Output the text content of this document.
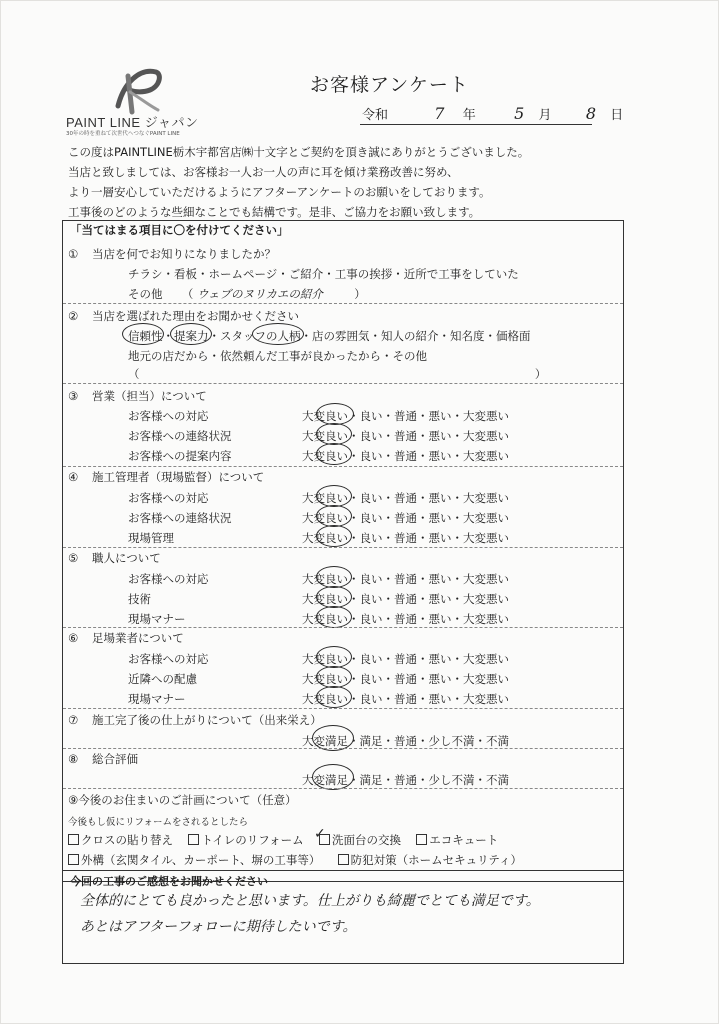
PAINT LINE ジャパン
30年の時を重ねて次世代へつなぐPAINT LINE
お客様アンケート
令和	7 年 5 月 8 日
この度はPAINTLINE栃木宇都宮店㈱十文字とご契約を頂き誠にありがとうございました。
当店と致しましては、お客様お一人お一人の声に耳を傾け業務改善に努め、
より一層安心していただけるようにアフターアンケートのお願いをしております。
工事後のどのような些細なことでも結構です。是非、ご協力をお願い致します。
「当てはまる項目に〇を付けてください」
① 当店を何でお知りになりましたか？
チラシ・看板・ホームページ・ご紹介・工事の挨拶・近所で工事をしていた
その他 （ ウェブのヌリカエの紹介	）
② 当店を選ばれた理由をお聞かせください
信頼性・提案力・スタッフの人柄・店の雰囲気・知人の紹介・知名度・価格面
地元の店だから・依然頼んだ工事が良かったから・その他
（	）
③ 営業（担当）について
お客様への対応	大変良い・良い・普通・悪い・大変悪い
お客様への連絡状況	大変良い・良い・普通・悪い・大変悪い
お客様への提案内容	大変良い・良い・普通・悪い・大変悪い
④ 施工管理者（現場監督）について
お客様への対応	大変良い・良い・普通・悪い・大変悪い
お客様への連絡状況	大変良い・良い・普通・悪い・大変悪い
現場管理	大変良い・良い・普通・悪い・大変悪い
⑤ 職人について
お客様への対応	大変良い・良い・普通・悪い・大変悪い
技術	大変良い・良い・普通・悪い・大変悪い
現場マナー	大変良い・良い・普通・悪い・大変悪い
⑥ 足場業者について
お客様への対応	大変良い・良い・普通・悪い・大変悪い
近隣への配慮	大変良い・良い・普通・悪い・大変悪い
現場マナー	大変良い・良い・普通・悪い・大変悪い
⑦ 施工完了後の仕上がりについて（出来栄え）
大変満足・満足・普通・少し不満・不満
⑧ 総合評価
大変満足・満足・普通・少し不満・不満
⑨今後のお住まいのご計画について（任意）
今後もし仮にリフォームをされるとしたら
クロスの貼り替え トイレのリフォーム 洗面台の交換 エコキュート
✓
外構（玄関タイル、カーポート、塀の工事等）	防犯対策（ホームセキュリティ）
今回の工事のご感想をお聞かせください
全体的にとても良かったと思います。仕上がりも綺麗でとても満足です。
あとはアフターフォローに期待したいです。
